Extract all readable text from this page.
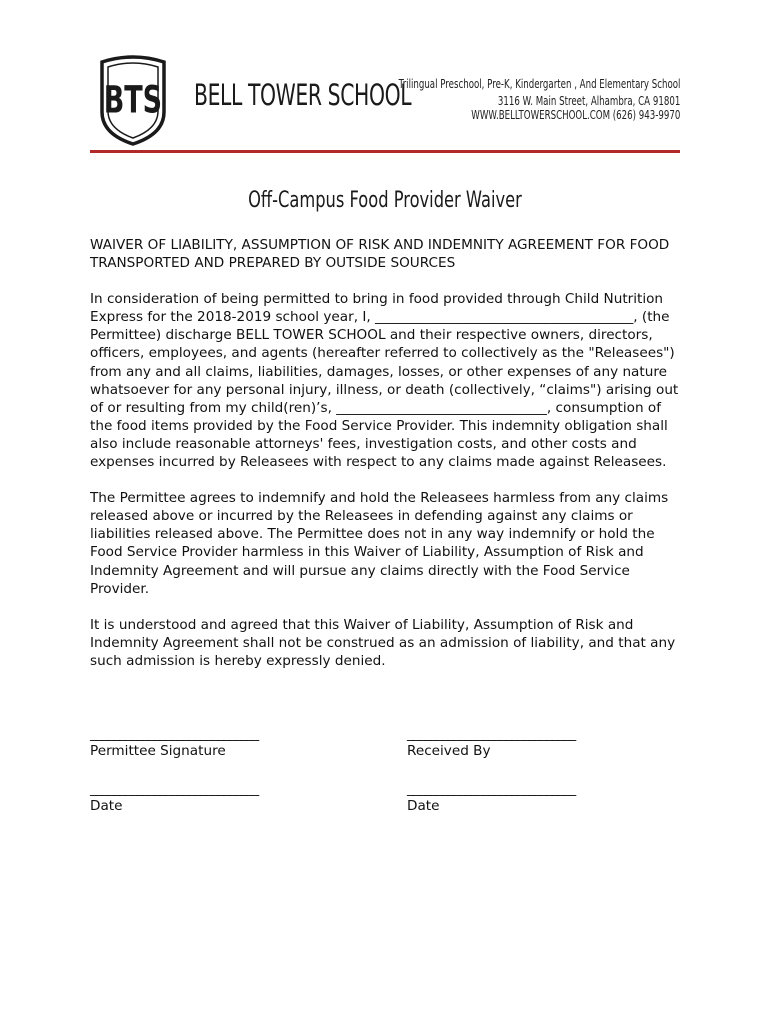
BTS BELL TOWER SCHOOL
Trilingual Preschool, Pre-K, Kindergarten , And Elementary School
3116 W. Main Street, Alhambra, CA 91801
WWW.BELLTOWERSCHOOL.COM (626) 943-9970
Off-Campus Food Provider Waiver

WAIVER OF LIABILITY, ASSUMPTION OF RISK AND INDEMNITY AGREEMENT FOR FOOD TRANSPORTED AND PREPARED BY OUTSIDE SOURCES

In consideration of being permitted to bring in food provided through Child Nutrition Express for the 2018-2019 school year, I, ______________________________________, (the Permittee) discharge BELL TOWER SCHOOL and their respective owners, directors, officers, employees, and agents (hereafter referred to collectively as the "Releasees") from any and all claims, liabilities, damages, losses, or other expenses of any nature whatsoever for any personal injury, illness, or death (collectively, “claims") arising out of or resulting from my child(ren)’s, _______________________________, consumption of the food items provided by the Food Service Provider. This indemnity obligation shall also include reasonable attorneys' fees, investigation costs, and other costs and expenses incurred by Releasees with respect to any claims made against Releasees.

The Permittee agrees to indemnify and hold the Releasees harmless from any claims released above or incurred by the Releasees in defending against any claims or liabilities released above. The Permittee does not in any way indemnify or hold the Food Service Provider harmless in this Waiver of Liability, Assumption of Risk and Indemnity Agreement and will pursue any claims directly with the Food Service Provider.

It is understood and agreed that this Waiver of Liability, Assumption of Risk and Indemnity Agreement shall not be construed as an admission of liability, and that any such admission is hereby expressly denied.

_____________________________
Permittee Signature
_____________________________
Received By
_____________________________
Date
_____________________________
Date
